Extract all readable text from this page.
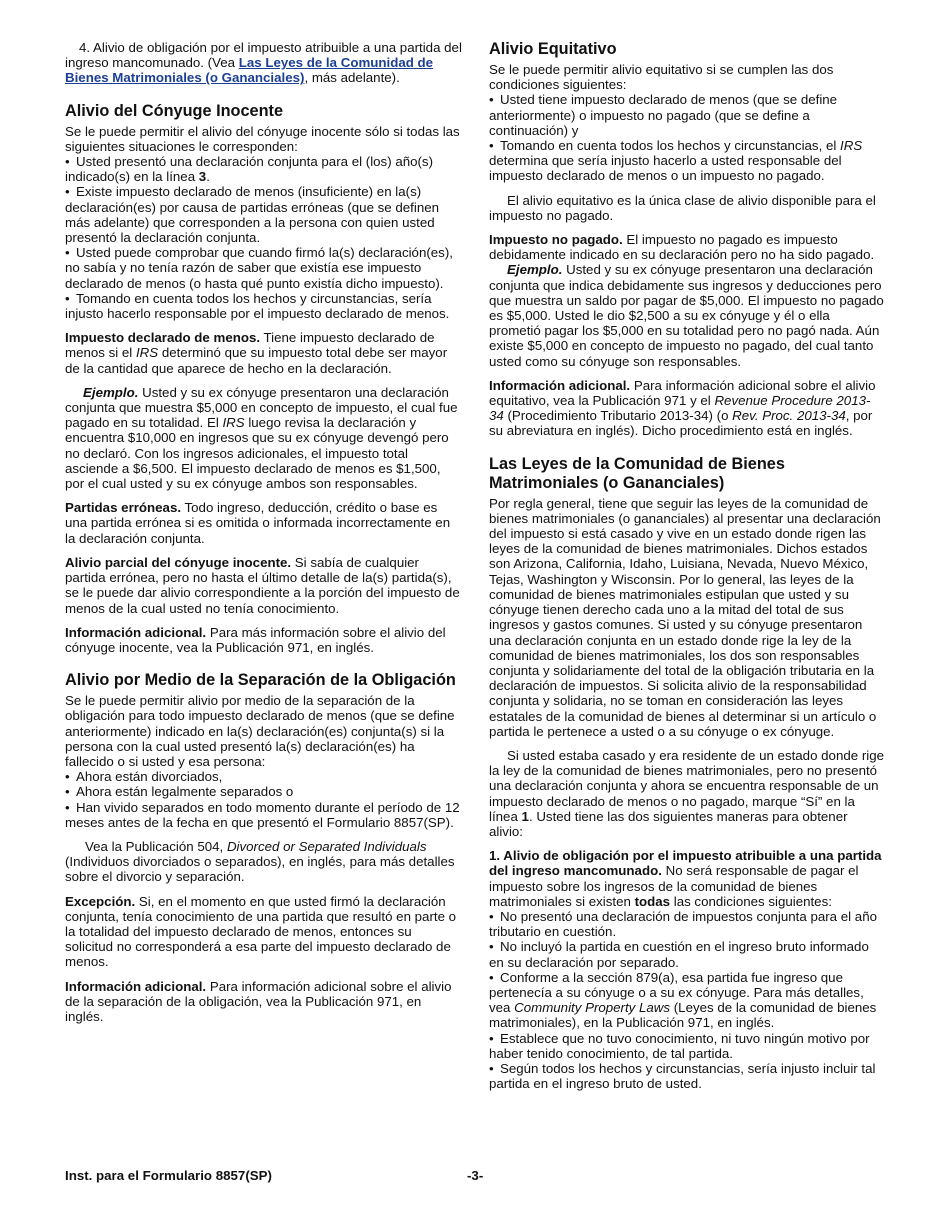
4. Alivio de obligación por el impuesto atribuible a una partida del ingreso mancomunado. (Vea Las Leyes de la Comunidad de Bienes Matrimoniales (o Gananciales), más adelante).

Alivio del Cónyuge Inocente

Se le puede permitir el alivio del cónyuge inocente sólo si todas las siguientes situaciones le corresponden:

• Usted presentó una declaración conjunta para el (los) año(s) indicado(s) en la línea 3.

• Existe impuesto declarado de menos (insuficiente) en la(s) declaración(es) por causa de partidas erróneas (que se definen más adelante) que corresponden a la persona con quien usted presentó la declaración conjunta.

• Usted puede comprobar que cuando firmó la(s) declaración(es), no sabía y no tenía razón de saber que existía ese impuesto declarado de menos (o hasta qué punto existía dicho impuesto).

• Tomando en cuenta todos los hechos y circunstancias, sería injusto hacerlo responsable por el impuesto declarado de menos.

Impuesto declarado de menos. Tiene impuesto declarado de menos si el IRS determinó que su impuesto total debe ser mayor de la cantidad que aparece de hecho en la declaración.

Ejemplo. Usted y su ex cónyuge presentaron una declaración conjunta que muestra $5,000 en concepto de impuesto, el cual fue pagado en su totalidad. El IRS luego revisa la declaración y encuentra $10,000 en ingresos que su ex cónyuge devengó pero no declaró. Con los ingresos adicionales, el impuesto total asciende a $6,500. El impuesto declarado de menos es $1,500, por el cual usted y su ex cónyuge ambos son responsables.

Partidas erróneas. Todo ingreso, deducción, crédito o base es una partida errónea si es omitida o informada incorrectamente en la declaración conjunta.

Alivio parcial del cónyuge inocente. Si sabía de cualquier partida errónea, pero no hasta el último detalle de la(s) partida(s), se le puede dar alivio correspondiente a la porción del impuesto de menos de la cual usted no tenía conocimiento.

Información adicional. Para más información sobre el alivio del cónyuge inocente, vea la Publicación 971, en inglés.

Alivio por Medio de la Separación de la Obligación

Se le puede permitir alivio por medio de la separación de la obligación para todo impuesto declarado de menos (que se define anteriormente) indicado en la(s) declaración(es) conjunta(s) si la persona con la cual usted presentó la(s) declaración(es) ha fallecido o si usted y esa persona:

• Ahora están divorciados,

• Ahora están legalmente separados o

• Han vivido separados en todo momento durante el período de 12 meses antes de la fecha en que presentó el Formulario 8857(SP).

Vea la Publicación 504, Divorced or Separated Individuals (Individuos divorciados o separados), en inglés, para más detalles sobre el divorcio y separación.

Excepción. Si, en el momento en que usted firmó la declaración conjunta, tenía conocimiento de una partida que resultó en parte o la totalidad del impuesto declarado de menos, entonces su solicitud no corresponderá a esa parte del impuesto declarado de menos.

Información adicional. Para información adicional sobre el alivio de la separación de la obligación, vea la Publicación 971, en inglés.

Alivio Equitativo

Se le puede permitir alivio equitativo si se cumplen las dos condiciones siguientes:

• Usted tiene impuesto declarado de menos (que se define anteriormente) o impuesto no pagado (que se define a continuación) y

• Tomando en cuenta todos los hechos y circunstancias, el IRS determina que sería injusto hacerlo a usted responsable del impuesto declarado de menos o un impuesto no pagado.

El alivio equitativo es la única clase de alivio disponible para el impuesto no pagado.

Impuesto no pagado. El impuesto no pagado es impuesto debidamente indicado en su declaración pero no ha sido pagado.

Ejemplo. Usted y su ex cónyuge presentaron una declaración conjunta que indica debidamente sus ingresos y deducciones pero que muestra un saldo por pagar de $5,000. El impuesto no pagado es $5,000. Usted le dio $2,500 a su ex cónyuge y él o ella prometió pagar los $5,000 en su totalidad pero no pagó nada. Aún existe $5,000 en concepto de impuesto no pagado, del cual tanto usted como su cónyuge son responsables.

Información adicional. Para información adicional sobre el alivio equitativo, vea la Publicación 971 y el Revenue Procedure 2013-34 (Procedimiento Tributario 2013-34) (o Rev. Proc. 2013-34, por su abreviatura en inglés). Dicho procedimiento está en inglés.

Las Leyes de la Comunidad de Bienes Matrimoniales (o Gananciales)

Por regla general, tiene que seguir las leyes de la comunidad de bienes matrimoniales (o gananciales) al presentar una declaración del impuesto si está casado y vive en un estado donde rigen las leyes de la comunidad de bienes matrimoniales. Dichos estados son Arizona, California, Idaho, Luisiana, Nevada, Nuevo México, Tejas, Washington y Wisconsin. Por lo general, las leyes de la comunidad de bienes matrimoniales estipulan que usted y su cónyuge tienen derecho cada uno a la mitad del total de sus ingresos y gastos comunes. Si usted y su cónyuge presentaron una declaración conjunta en un estado donde rige la ley de la comunidad de bienes matrimoniales, los dos son responsables conjunta y solidariamente del total de la obligación tributaria en la declaración de impuestos. Si solicita alivio de la responsabilidad conjunta y solidaria, no se toman en consideración las leyes estatales de la comunidad de bienes al determinar si un artículo o partida le pertenece a usted o a su cónyuge o ex cónyuge.

Si usted estaba casado y era residente de un estado donde rige la ley de la comunidad de bienes matrimoniales, pero no presentó una declaración conjunta y ahora se encuentra responsable de un impuesto declarado de menos o no pagado, marque “Sí” en la línea 1. Usted tiene las dos siguientes maneras para obtener alivio:

1. Alivio de obligación por el impuesto atribuible a una partida del ingreso mancomunado. No será responsable de pagar el impuesto sobre los ingresos de la comunidad de bienes matrimoniales si existen todas las condiciones siguientes:

• No presentó una declaración de impuestos conjunta para el año tributario en cuestión.

• No incluyó la partida en cuestión en el ingreso bruto informado en su declaración por separado.

• Conforme a la sección 879(a), esa partida fue ingreso que pertenecía a su cónyuge o a su ex cónyuge. Para más detalles, vea Community Property Laws (Leyes de la comunidad de bienes matrimoniales), en la Publicación 971, en inglés.

• Establece que no tuvo conocimiento, ni tuvo ningún motivo por haber tenido conocimiento, de tal partida.

• Según todos los hechos y circunstancias, sería injusto incluir tal partida en el ingreso bruto de usted.

Inst. para el Formulario 8857(SP)	-3-
